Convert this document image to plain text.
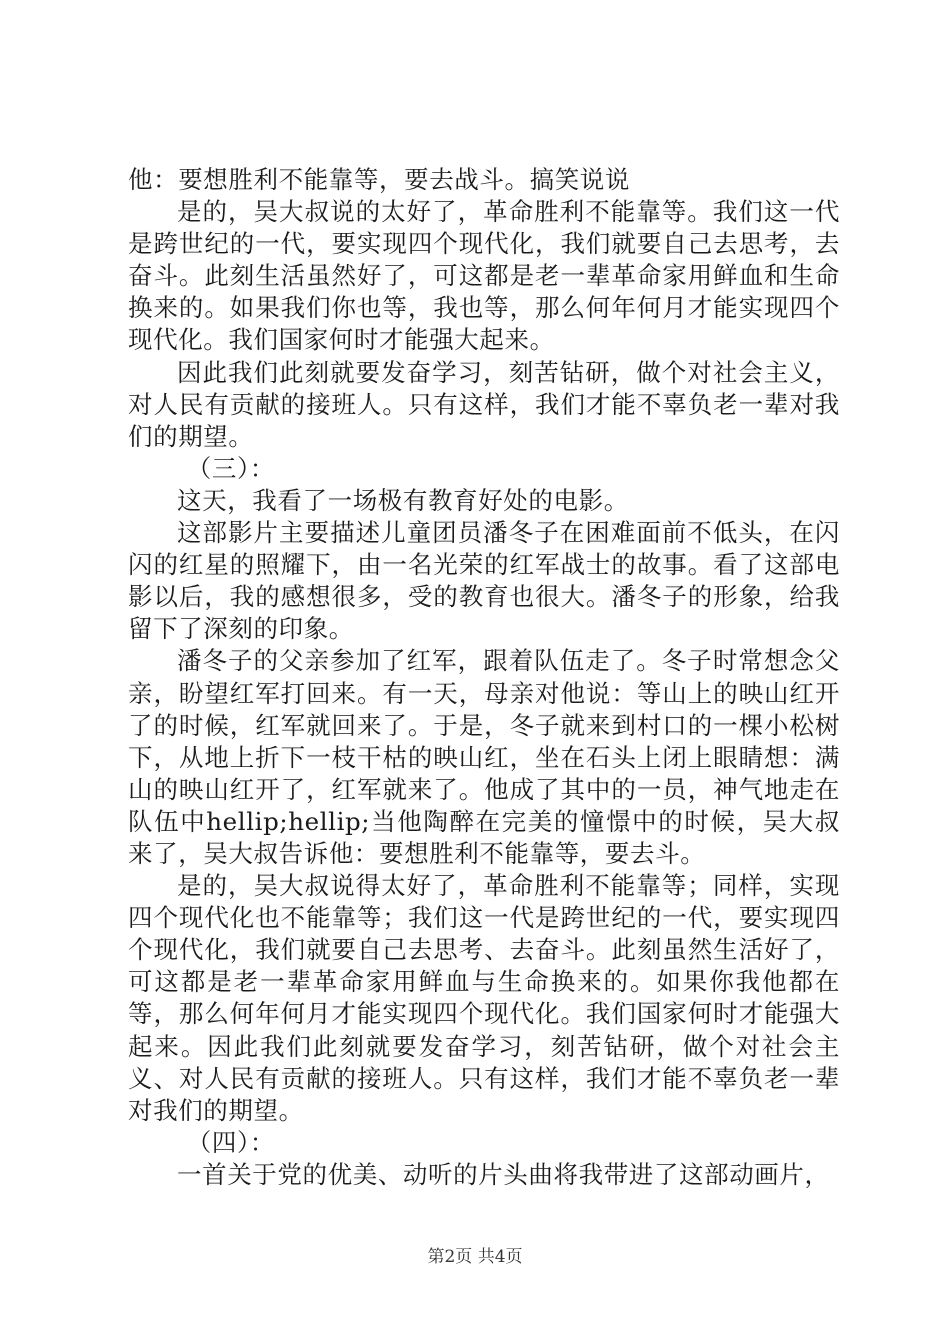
他：要想胜利不能靠等，要去战斗。搞笑说说

是的，吴大叔说的太好了，革命胜利不能靠等。我们这一代是跨世纪的一代，要实现四个现代化，我们就要自己去思考，去奋斗。此刻生活虽然好了，可这都是老一辈革命家用鲜血和生命换来的。如果我们你也等，我也等，那么何年何月才能实现四个现代化。我们国家何时才能强大起来。

因此我们此刻就要发奋学习，刻苦钻研，做个对社会主义，对人民有贡献的接班人。只有这样，我们才能不辜负老一辈对我们的期望。

（三）：

这天，我看了一场极有教育好处的电影。

这部影片主要描述儿童团员潘冬子在困难面前不低头，在闪闪的红星的照耀下，由一名光荣的红军战士的故事。看了这部电影以后，我的感想很多，受的教育也很大。潘冬子的形象，给我留下了深刻的印象。

潘冬子的父亲参加了红军，跟着队伍走了。冬子时常想念父亲，盼望红军打回来。有一天，母亲对他说：等山上的映山红开了的时候，红军就回来了。于是，冬子就来到村口的一棵小松树下，从地上折下一枝干枯的映山红，坐在石头上闭上眼睛想：满山的映山红开了，红军就来了。他成了其中的一员，神气地走在队伍中hellip;hellip;当他陶醉在完美的憧憬中的时候，吴大叔来了，吴大叔告诉他：要想胜利不能靠等，要去斗。

是的，吴大叔说得太好了，革命胜利不能靠等；同样，实现四个现代化也不能靠等；我们这一代是跨世纪的一代，要实现四个现代化，我们就要自己去思考、去奋斗。此刻虽然生活好了，可这都是老一辈革命家用鲜血与生命换来的。如果你我他都在等，那么何年何月才能实现四个现代化。我们国家何时才能强大起来。因此我们此刻就要发奋学习，刻苦钻研，做个对社会主义、对人民有贡献的接班人。只有这样，我们才能不辜负老一辈对我们的期望。

（四）：

一首关于党的优美、动听的片头曲将我带进了这部动画片，

第2页 共4页
